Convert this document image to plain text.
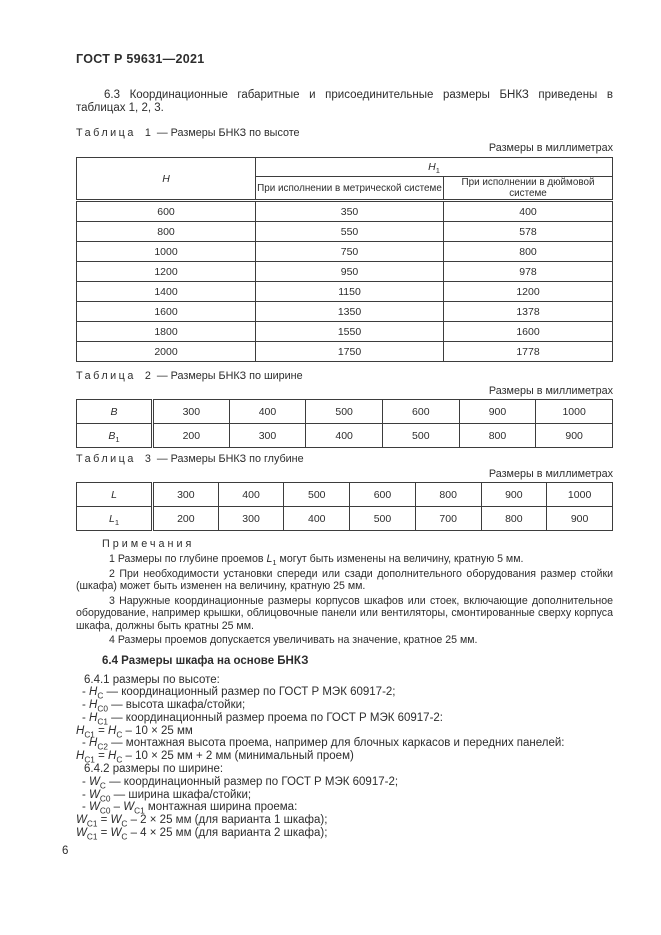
ГОСТ Р 59631—2021

6.3 Координационные габаритные и присоединительные размеры БНКЗ приведены в таблицах 1, 2, 3.

Таблица 1 — Размеры БНКЗ по высоте
Размеры в миллиметрах
H	$H_1$
	При исполнении в метрической системе	При исполнении в дюймовой системе
600	350	400
800	550	578
1000	750	800
1200	950	978
1400	1150	1200
1600	1350	1378
1800	1550	1600
2000	1750	1778
Таблица 2 — Размеры БНКЗ по ширине
Размеры в миллиметрах
B	300	400	500	600	900	1000
$B_1$	200	300	400	500	800	900
Таблица 3 — Размеры БНКЗ по глубине
Размеры в миллиметрах
L	300	400	500	600	800	900	1000
$L_1$	200	300	400	500	700	800	900
Примечания

1 Размеры по глубине проемов $L_1$ могут быть изменены на величину, кратную 5 мм.

2 При необходимости установки спереди или сзади дополнительного оборудования размер стойки (шкафа) может быть изменен на величину, кратную 25 мм.

3 Наружные координационные размеры корпусов шкафов или стоек, включающие дополнительное оборудование, например крышки, облицовочные панели или вентиляторы, смонтированные сверху корпуса шкафа, должны быть кратны 25 мм.

4 Размеры проемов допускается увеличивать на значение, кратное 25 мм.

6.4 Размеры шкафа на основе БНКЗ
6.4.1 размеры по высоте:
- $H_С$ — координационный размер по ГОСТ Р МЭК 60917-2;
- $H_{С0}$ — высота шкафа/стойки;
- $H_{С1}$ — координационный размер проема по ГОСТ Р МЭК 60917-2:
$H_{С1} = H_С - 10 \times 25$ мм
- $H_{С2}$ — монтажная высота проема, например для блочных каркасов и передних панелей:
$H_{С1} = H_С - 10 \times 25$ мм + 2 мм (минимальный проем)
6.4.2 размеры по ширине:
- $W_С$ — координационный размер по ГОСТ Р МЭК 60917-2;
- $W_{С0}$ — ширина шкафа/стойки;
- $W_{С0} - W_{С1}$ монтажная ширина проема:
$W_{С1} = W_С - 2 \times 25$ мм (для варианта 1 шкафа);
$W_{С1} = W_С - 4 \times 25$ мм (для варианта 2 шкафа);
6
